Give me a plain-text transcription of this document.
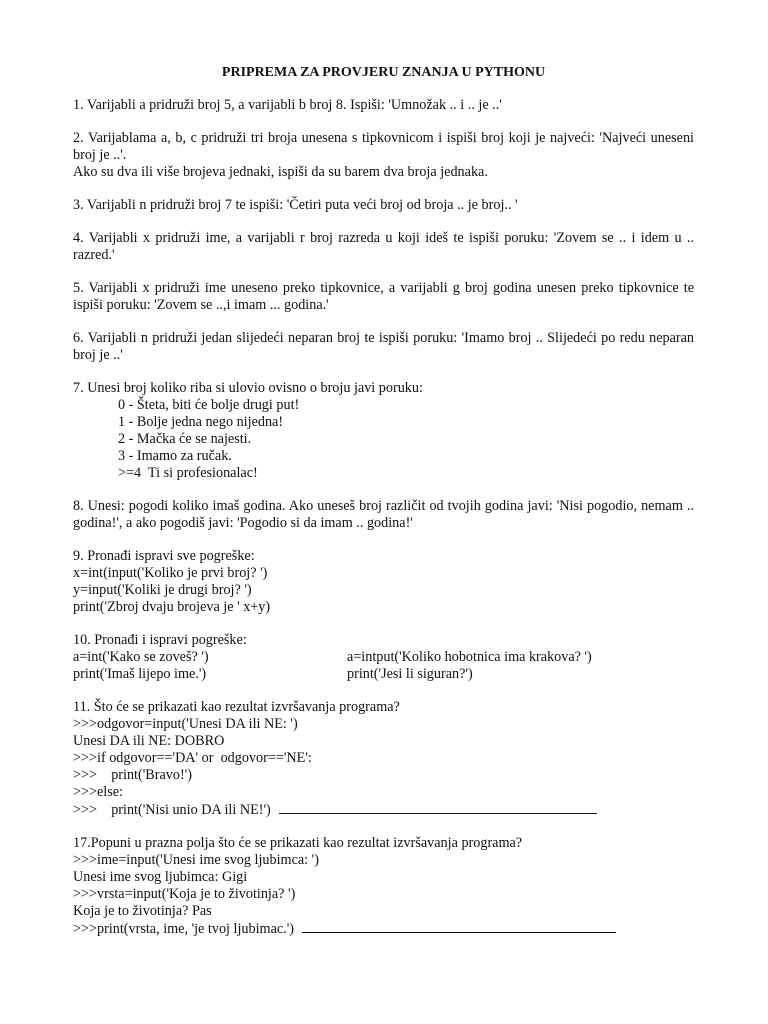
PRIPREMA ZA PROVJERU ZNANJA U PYTHONU

1. Varijabli a pridruži broj 5, a varijabli b broj 8. Ispiši: 'Umnožak .. i .. je ..'

2. Varijablama a, b, c pridruži tri broja unesena s tipkovnicom i ispiši broj koji je najveći: 'Najveći uneseni broj je ..'.

Ako su dva ili više brojeva jednaki, ispiši da su barem dva broja jednaka.

3. Varijabli n pridruži broj 7 te ispiši: 'Četiri puta veći broj od broja .. je broj.. '

4. Varijabli x pridruži ime, a varijabli r broj razreda u koji ideš te ispiši poruku: 'Zovem se .. i idem u .. razred.'

5. Varijabli x pridruži ime uneseno preko tipkovnice, a varijabli g broj godina unesen preko tipkovnice te ispiši poruku: 'Zovem se ..,i imam ... godina.'

6. Varijabli n pridruži jedan slijedeći neparan broj te ispiši poruku: 'Imamo broj .. Slijedeći po redu neparan broj je ..'

7. Unesi broj koliko riba si ulovio ovisno o broju javi poruku:

0 - Šteta, biti će bolje drugi put!
1 - Bolje jedna nego nijedna!
2 - Mačka će se najesti.
3 - Imamo za ručak.
>=4  Ti si profesionalac!

8. Unesi: pogodi koliko imaš godina. Ako uneseš broj različit od tvojih godina javi: 'Nisi pogodio, nemam .. godina!', a ako pogodiš javi: 'Pogodio si da imam .. godina!'

9. Pronađi ispravi sve pogreške:

x=int(input('Koliko je prvi broj? ')
y=input('Koliki je drugi broj? ')
print('Zbroj dvaju brojeva je ' x+y)

10. Pronađi i ispravi pogreške:

a=int('Kako se zoveš? ')	a=intput('Koliko hobotnica ima krakova? ')
print('Imaš lijepo ime.')	print('Jesi li siguran?')

11. Što će se prikazati kao rezultat izvršavanja programa?

>>>odgovor=input('Unesi DA ili NE: ')
Unesi DA ili NE: DOBRO
>>>if odgovor=='DA' or  odgovor=='NE':
>>>    print('Bravo!')
>>>else:
>>>    print('Nisi unio DA ili NE!')

17.Popuni u prazna polja što će se prikazati kao rezultat izvršavanja programa?

>>>ime=input('Unesi ime svog ljubimca: ')
Unesi ime svog ljubimca: Gigi
>>>vrsta=input('Koja je to životinja? ')
Koja je to životinja? Pas
>>>print(vrsta, ime, 'je tvoj ljubimac.')
